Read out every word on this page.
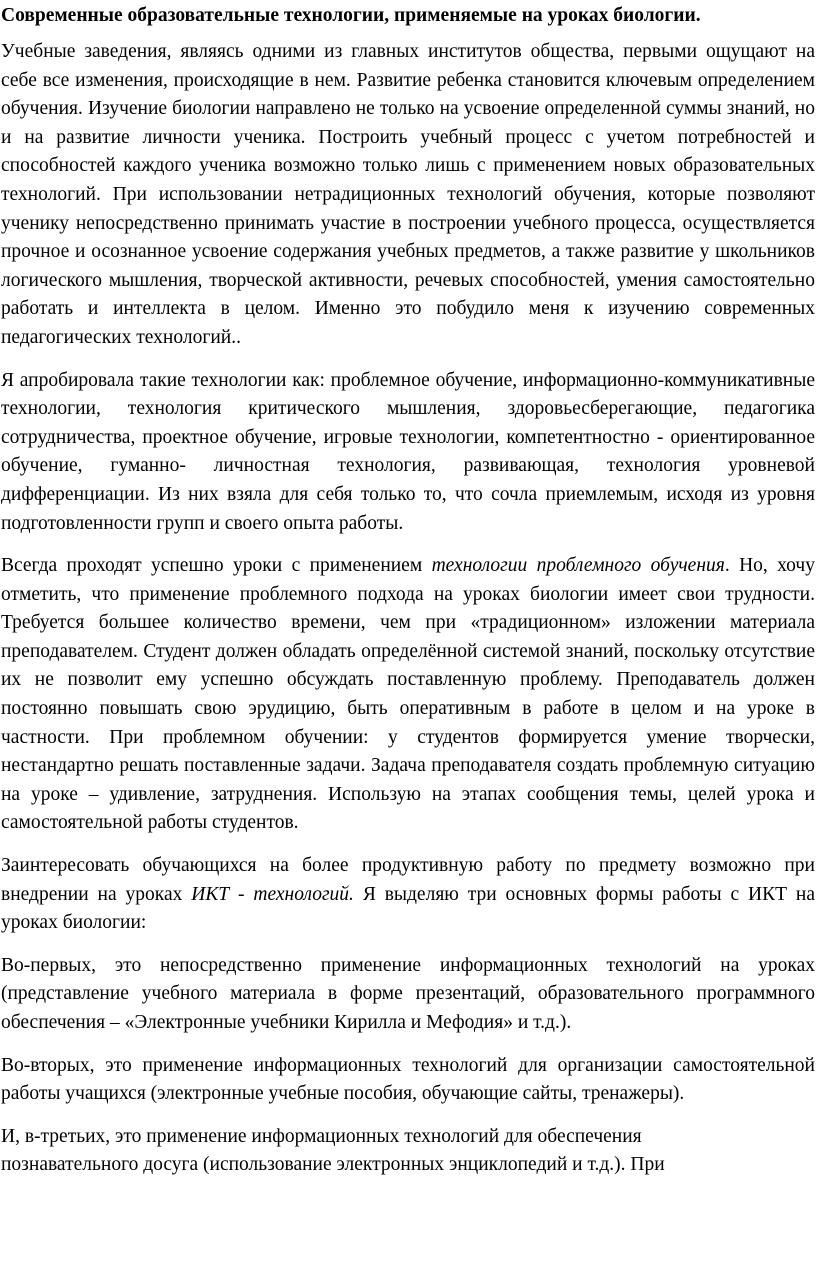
Современные образовательные технологии, применяемые на уроках биологии.

Учебные заведения, являясь одними из главных институтов общества, первыми ощущают на себе все изменения, происходящие в нем. Развитие ребенка становится ключевым определением обучения. Изучение биологии направлено не только на усвоение определенной суммы знаний, но и на развитие личности ученика. Построить учебный процесс с учетом потребностей и способностей каждого ученика возможно только лишь с применением новых образовательных технологий. При использовании нетрадиционных технологий обучения, которые позволяют ученику непосредственно принимать участие в построении учебного процесса, осуществляется прочное и осознанное усвоение содержания учебных предметов, а также развитие у школьников логического мышления, творческой активности, речевых способностей, умения самостоятельно работать и интеллекта в целом. Именно это побудило меня к изучению современных педагогических технологий..

Я апробировала такие технологии как: проблемное обучение, информационно-коммуникативные технологии, технология критического мышления, здоровьесберегающие, педагогика сотрудничества, проектное обучение, игровые технологии, компетентностно - ориентированное обучение, гуманно- личностная технология, развивающая, технология уровневой дифференциации. Из них взяла для себя только то, что сочла приемлемым, исходя из уровня подготовленности групп и своего опыта работы.

Всегда проходят успешно уроки с применением технологии проблемного обучения. Но, хочу отметить, что применение проблемного подхода на уроках биологии имеет свои трудности. Требуется большее количество времени, чем при «традиционном» изложении материала преподавателем. Студент должен обладать определённой системой знаний, поскольку отсутствие их не позволит ему успешно обсуждать поставленную проблему. Преподаватель должен постоянно повышать свою эрудицию, быть оперативным в работе в целом и на уроке в частности. При проблемном обучении: у студентов формируется умение творчески, нестандартно решать поставленные задачи. Задача преподавателя создать проблемную ситуацию на уроке – удивление, затруднения. Использую на этапах сообщения темы, целей урока и самостоятельной работы студентов.

Заинтересовать обучающихся на более продуктивную работу по предмету возможно при внедрении на уроках ИКТ - технологий. Я выделяю три основных формы работы с ИКТ на уроках биологии:

Во-первых, это непосредственно применение информационных технологий на уроках (представление учебного материала в форме презентаций, образовательного программного обеспечения – «Электронные учебники Кирилла и Мефодия» и т.д.).

Во-вторых, это применение информационных технологий для организации самостоятельной работы учащихся (электронные учебные пособия, обучающие сайты, тренажеры).

И, в-третьих, это применение информационных технологий для обеспечения
познавательного досуга (использование электронных энциклопедий и т.д.). При
